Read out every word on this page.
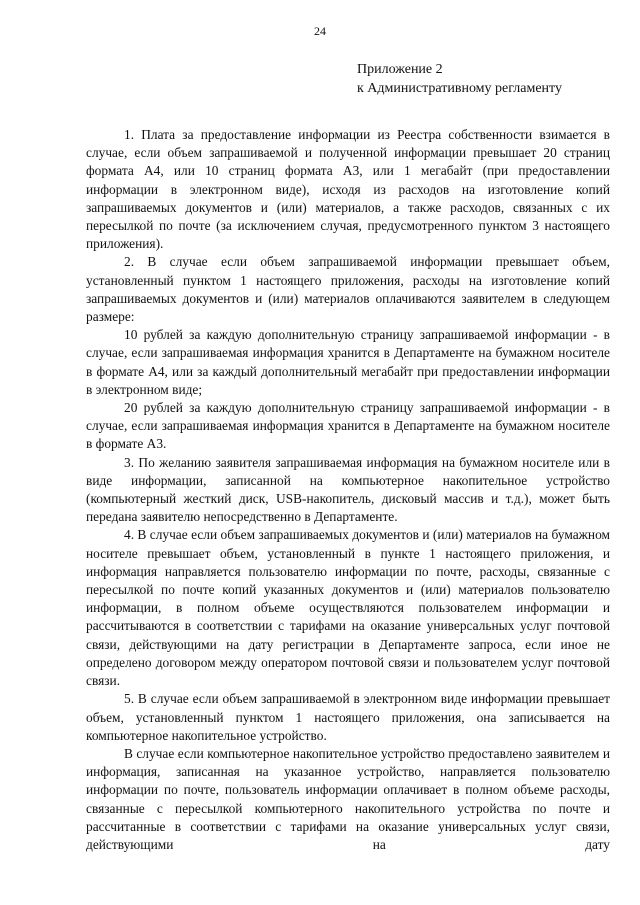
24
Приложение 2
к Административному регламенту

1. Плата за предоставление информации из Реестра собственности взимается в случае, если объем запрашиваемой и полученной информации превышает 20 страниц формата А4, или 10 страниц формата А3, или 1 мегабайт (при предоставлении информации в электронном виде), исходя из расходов на изготовление копий запрашиваемых документов и (или) материалов, а также расходов, связанных с их пересылкой по почте (за исключением случая, предусмотренного пунктом 3 настоящего приложения).

2. В случае если объем запрашиваемой информации превышает объем, установленный пунктом 1 настоящего приложения, расходы на изготовление копий запрашиваемых документов и (или) материалов оплачиваются заявителем в следующем размере:

10 рублей за каждую дополнительную страницу запрашиваемой информации - в случае, если запрашиваемая информация хранится в Департаменте на бумажном носителе в формате А4, или за каждый дополнительный мегабайт при предоставлении информации в электронном виде;

20 рублей за каждую дополнительную страницу запрашиваемой информации - в случае, если запрашиваемая информация хранится в Департаменте на бумажном носителе в формате А3.

3. По желанию заявителя запрашиваемая информация на бумажном носителе или в виде информации, записанной на компьютерное накопительное устройство (компьютерный жесткий диск, USB-накопитель, дисковый массив и т.д.), может быть передана заявителю непосредственно в Департаменте.

4. В случае если объем запрашиваемых документов и (или) материалов на бумажном носителе превышает объем, установленный в пункте 1 настоящего приложения, и информация направляется пользователю информации по почте, расходы, связанные с пересылкой по почте копий указанных документов и (или) материалов пользователю информации, в полном объеме осуществляются пользователем информации и рассчитываются в соответствии с тарифами на оказание универсальных услуг почтовой связи, действующими на дату регистрации в Департаменте запроса, если иное не определено договором между оператором почтовой связи и пользователем услуг почтовой связи.

5. В случае если объем запрашиваемой в электронном виде информации превышает объем, установленный пунктом 1 настоящего приложения, она записывается на компьютерное накопительное устройство.

В случае если компьютерное накопительное устройство предоставлено заявителем и информация, записанная на указанное устройство, направляется пользователю информации по почте, пользователь информации оплачивает в полном объеме расходы, связанные с пересылкой компьютерного накопительного устройства по почте и рассчитанные в соответствии с тарифами на оказание универсальных услуг связи, действующими на дату
